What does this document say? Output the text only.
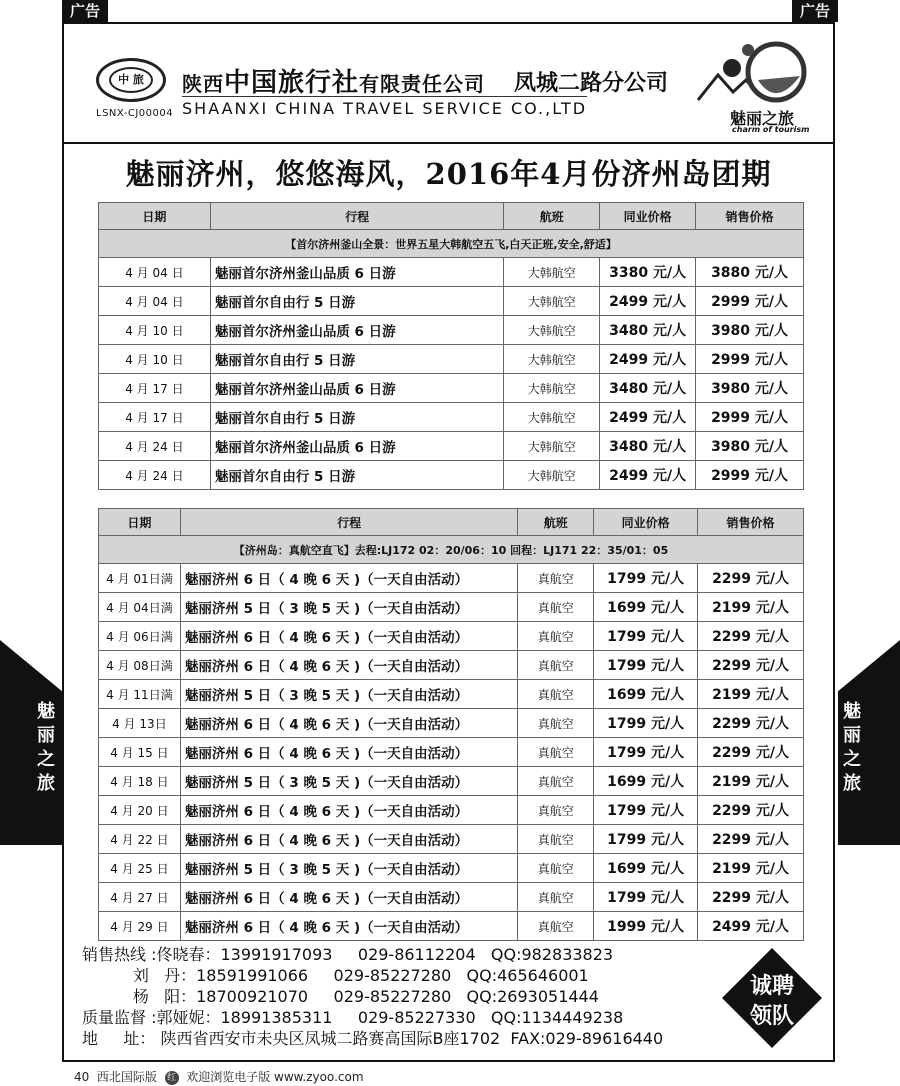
广告	广告
魅
丽
之
旅
魅
丽
之
旅
中 旅
LSNX-CJ00004
陕西中国旅行社有限责任公司
SHAANXI CHINA TRAVEL SERVICE CO.,LTD
凤城二路分公司
魅丽之旅
charm of tourism
魅丽济州，悠悠海风，2016年4月份济州岛团期
日期	行程	航班	同业价格	销售价格
【首尔济州釜山全景：世界五星大韩航空五飞,白天正班,安全,舒适】				
4 月 04 日	魅丽首尔济州釜山品质 6 日游	大韩航空	3380 元/人	3880 元/人
4 月 04 日	魅丽首尔自由行 5 日游	大韩航空	2499 元/人	2999 元/人
4 月 10 日	魅丽首尔济州釜山品质 6 日游	大韩航空	3480 元/人	3980 元/人
4 月 10 日	魅丽首尔自由行 5 日游	大韩航空	2499 元/人	2999 元/人
4 月 17 日	魅丽首尔济州釜山品质 6 日游	大韩航空	3480 元/人	3980 元/人
4 月 17 日	魅丽首尔自由行 5 日游	大韩航空	2499 元/人	2999 元/人
4 月 24 日	魅丽首尔济州釜山品质 6 日游	大韩航空	3480 元/人	3980 元/人
4 月 24 日	魅丽首尔自由行 5 日游	大韩航空	2499 元/人	2999 元/人
日期	行程	航班	同业价格	销售价格
【济州岛：真航空直飞】去程:LJ172 02：20/06：10 回程：LJ171 22：35/01：05				
4 月 01日满	魅丽济州 6 日（ 4 晚 6 天 )（一天自由活动）	真航空	1799 元/人	2299 元/人
4 月 04日满	魅丽济州 5 日（ 3 晚 5 天 )（一天自由活动）	真航空	1699 元/人	2199 元/人
4 月 06日满	魅丽济州 6 日（ 4 晚 6 天 )（一天自由活动）	真航空	1799 元/人	2299 元/人
4 月 08日满	魅丽济州 6 日（ 4 晚 6 天 )（一天自由活动）	真航空	1799 元/人	2299 元/人
4 月 11日满	魅丽济州 5 日（ 3 晚 5 天 )（一天自由活动）	真航空	1699 元/人	2199 元/人
4 月 13日	魅丽济州 6 日（ 4 晚 6 天 )（一天自由活动）	真航空	1799 元/人	2299 元/人
4 月 15 日	魅丽济州 6 日（ 4 晚 6 天 )（一天自由活动）	真航空	1799 元/人	2299 元/人
4 月 18 日	魅丽济州 5 日（ 3 晚 5 天 )（一天自由活动）	真航空	1699 元/人	2199 元/人
4 月 20 日	魅丽济州 6 日（ 4 晚 6 天 )（一天自由活动）	真航空	1799 元/人	2299 元/人
4 月 22 日	魅丽济州 6 日（ 4 晚 6 天 )（一天自由活动）	真航空	1799 元/人	2299 元/人
4 月 25 日	魅丽济州 5 日（ 3 晚 5 天 )（一天自由活动）	真航空	1699 元/人	2199 元/人
4 月 27 日	魅丽济州 6 日（ 4 晚 6 天 )（一天自由活动）	真航空	1799 元/人	2299 元/人
4 月 29 日	魅丽济州 6 日（ 4 晚 6 天 )（一天自由活动）	真航空	1999 元/人	2499 元/人
销售热线 :佟晓春：13991917093     029-86112204   QQ:982833823
刘   丹：18591991066     029-85227280   QQ:465646001
杨   阳：18700921070     029-85227280   QQ:2693051444
质量监督 :郭娅妮：18991385311     029-85227330   QQ:1134449238
地     址： 陕西省西安市未央区凤城二路赛高国际B座1702  FAX:029-89616440
诚聘
领队
40 西北国际版 红 欢迎浏览电子版 www.zyoo.com
